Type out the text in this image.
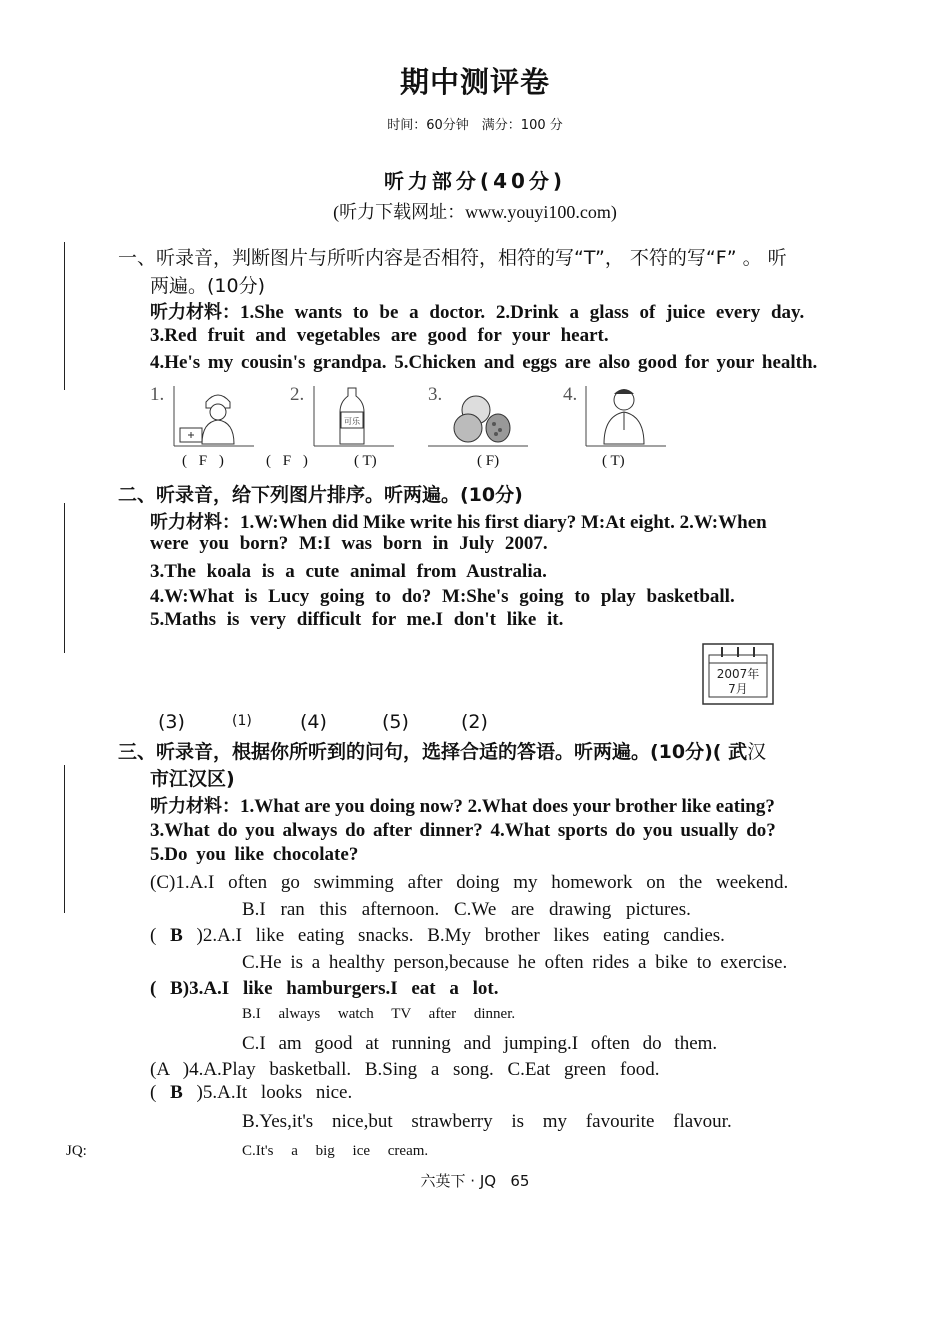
期中测评卷
时间：60分钟　满分：100 分
听力部分(40分)
(听力下载网址：www.youyi100.com)
一、听录音，判断图片与所听内容是否相符，相符的写“T”， 不符的写“F” 。 听
两遍。(10分)
听力材料：1.She wants to be a doctor. 2.Drink a glass of juice every day.
3.Red fruit and vegetables are good for your heart.
4.He's my cousin's grandpa. 5.Chicken and eggs are also good for your health.
1.	2.
可乐
3.	4.
( F )	( F )	( T)	( F)	( T)
二、听录音，给下列图片排序。听两遍。(10分)
听力材料：1.W:When did Mike write his first diary? M:At eight. 2.W:When
were you born? M:I was born in July 2007.
3.The koala is a cute animal from Australia.
4.W:What is Lucy going to do? M:She's going to play basketball.
5.Maths is very difficult for me.I don't like it.
2007年
7月
(3)	(1)	(4)	(5)	(2)
三、听录音，根据你所听到的问句，选择合适的答语。听两遍。(10分)( 武汉
市江汉区)
听力材料：1.What are you doing now? 2.What does your brother like eating?
3.What do you always do after dinner? 4.What sports do you usually do?
5.Do you like chocolate?
(C)1.A.I often go swimming after doing my homework on the weekend.
B.I ran this afternoon. C.We are drawing pictures.
( B )2.A.I like eating snacks. B.My brother likes eating candies.
C.He is a healthy person,because he often rides a bike to exercise.
( B)3.A.I like hamburgers.I eat a lot.
B.I always watch TV after dinner.
C.I am good at running and jumping.I often do them.
(A )4.A.Play basketball. B.Sing a song. C.Eat green food.
( B )5.A.It looks nice.
B.Yes,it's nice,but strawberry is my favourite flavour.
C.It's a big ice cream.
JQ:
六英下 · JQ 65
